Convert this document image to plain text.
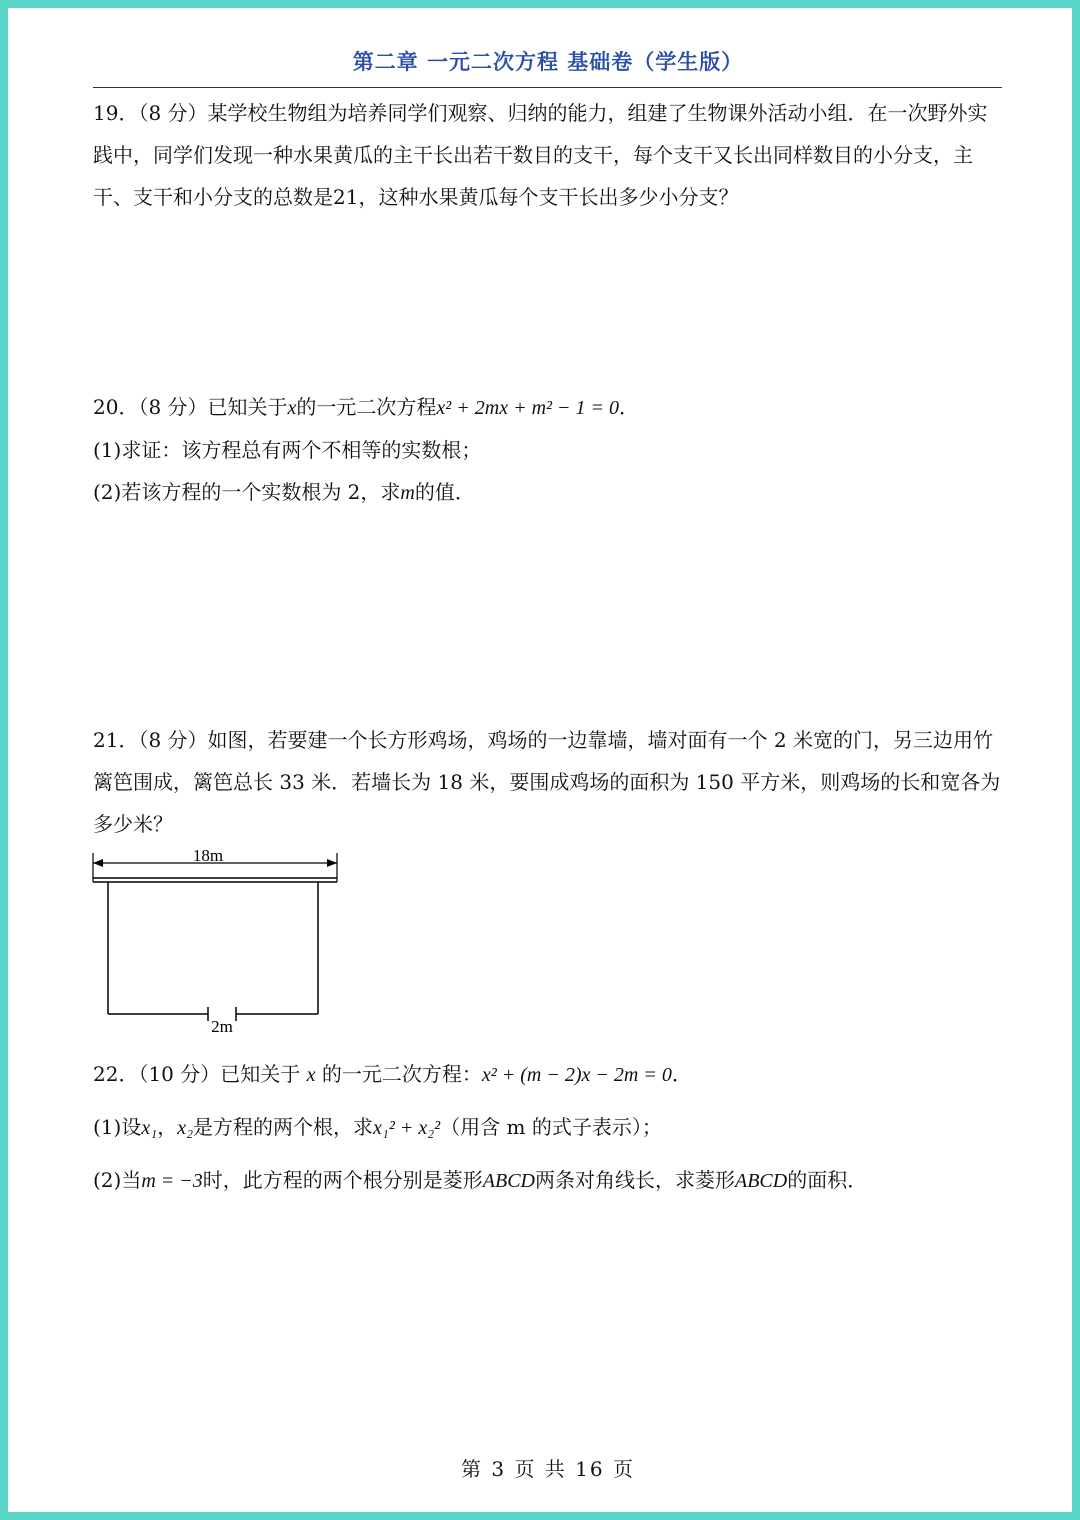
第二章 一元二次方程 基础卷（学生版）

19．（8 分）某学校生物组为培养同学们观察、归纳的能力，组建了生物课外活动小组．在一次野外实践中，同学们发现一种水果黄瓜的主干长出若干数目的支干，每个支干又长出同样数目的小分支，主干、支干和小分支的总数是21，这种水果黄瓜每个支干长出多少小分支？

20．（8 分）已知关于x的一元二次方程x² + 2mx + m² − 1 = 0．

(1)求证：该方程总有两个不相等的实数根；

(2)若该方程的一个实数根为 2，求m的值．

21．（8 分）如图，若要建一个长方形鸡场，鸡场的一边靠墙，墙对面有一个 2 米宽的门，另三边用竹篱笆围成，篱笆总长 33 米．若墙长为 18 米，要围成鸡场的面积为 150 平方米，则鸡场的长和宽各为多少米？

18m
2m

22．（10 分）已知关于 x 的一元二次方程：x² + (m − 2)x − 2m = 0．

(1)设x₁，x₂是方程的两个根，求x₁² + x₂²（用含 m 的式子表示）；

(2)当m = −3时，此方程的两个根分别是菱形ABCD两条对角线长，求菱形ABCD的面积．

第 3 页 共 16 页
